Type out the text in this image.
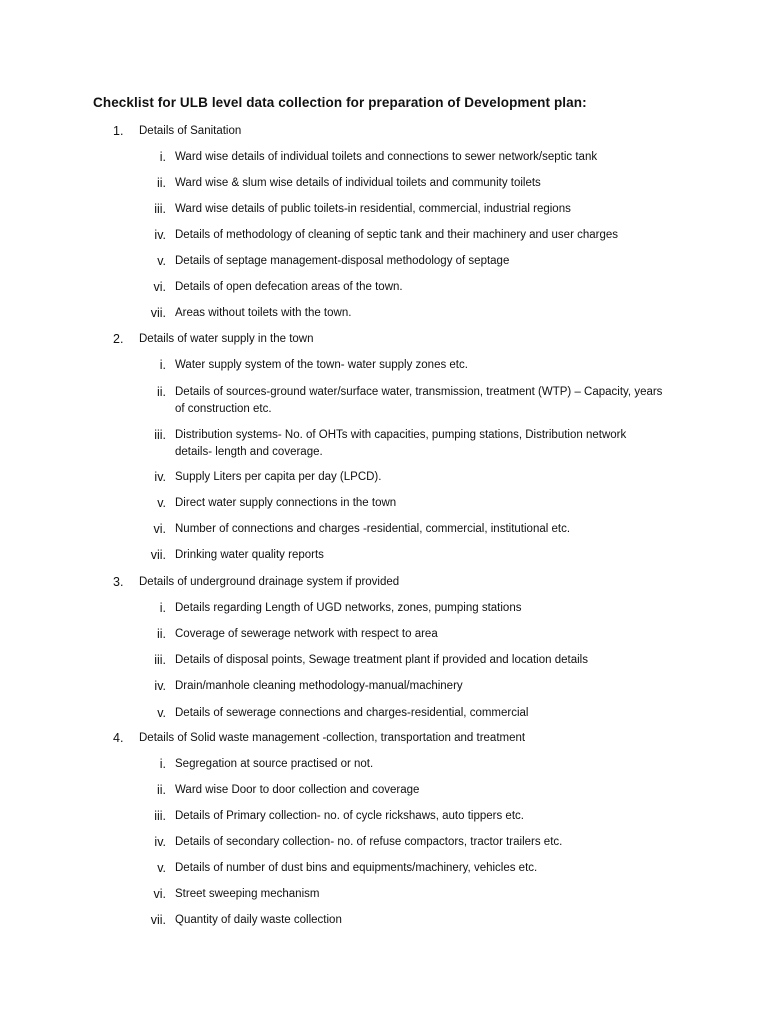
Checklist for ULB level data collection for preparation of Development plan:
1.	Details of Sanitation
i. Ward wise details of individual toilets and connections to sewer network/septic tank
ii. Ward wise & slum wise details of individual toilets and community toilets
iii. Ward wise details of public toilets-in residential, commercial, industrial regions
iv. Details of methodology of cleaning of septic tank and their machinery and user charges
v. Details of septage management-disposal methodology of septage
vi. Details of open defecation areas of the town.
vii. Areas without toilets with the town.
2.	Details of water supply in the town
i. Water supply system of the town- water supply zones etc.
ii. Details of sources-ground water/surface water, transmission, treatment (WTP) – Capacity, years of construction etc.
iii. Distribution systems- No. of OHTs with capacities, pumping stations, Distribution network details- length and coverage.
iv. Supply Liters per capita per day (LPCD).
v. Direct water supply connections in the town
vi. Number of connections and charges -residential, commercial, institutional etc.
vii. Drinking water quality reports
3.	Details of underground drainage system if provided
i. Details regarding Length of UGD networks, zones, pumping stations
ii. Coverage of sewerage network with respect to area
iii. Details of disposal points, Sewage treatment plant if provided and location details
iv. Drain/manhole cleaning methodology-manual/machinery
v. Details of sewerage connections and charges-residential, commercial
4.	Details of Solid waste management -collection, transportation and treatment
i. Segregation at source practised or not.
ii. Ward wise Door to door collection and coverage
iii. Details of Primary collection- no. of cycle rickshaws, auto tippers etc.
iv. Details of secondary collection- no. of refuse compactors, tractor trailers etc.
v. Details of number of dust bins and equipments/machinery, vehicles etc.
vi. Street sweeping mechanism
vii. Quantity of daily waste collection
